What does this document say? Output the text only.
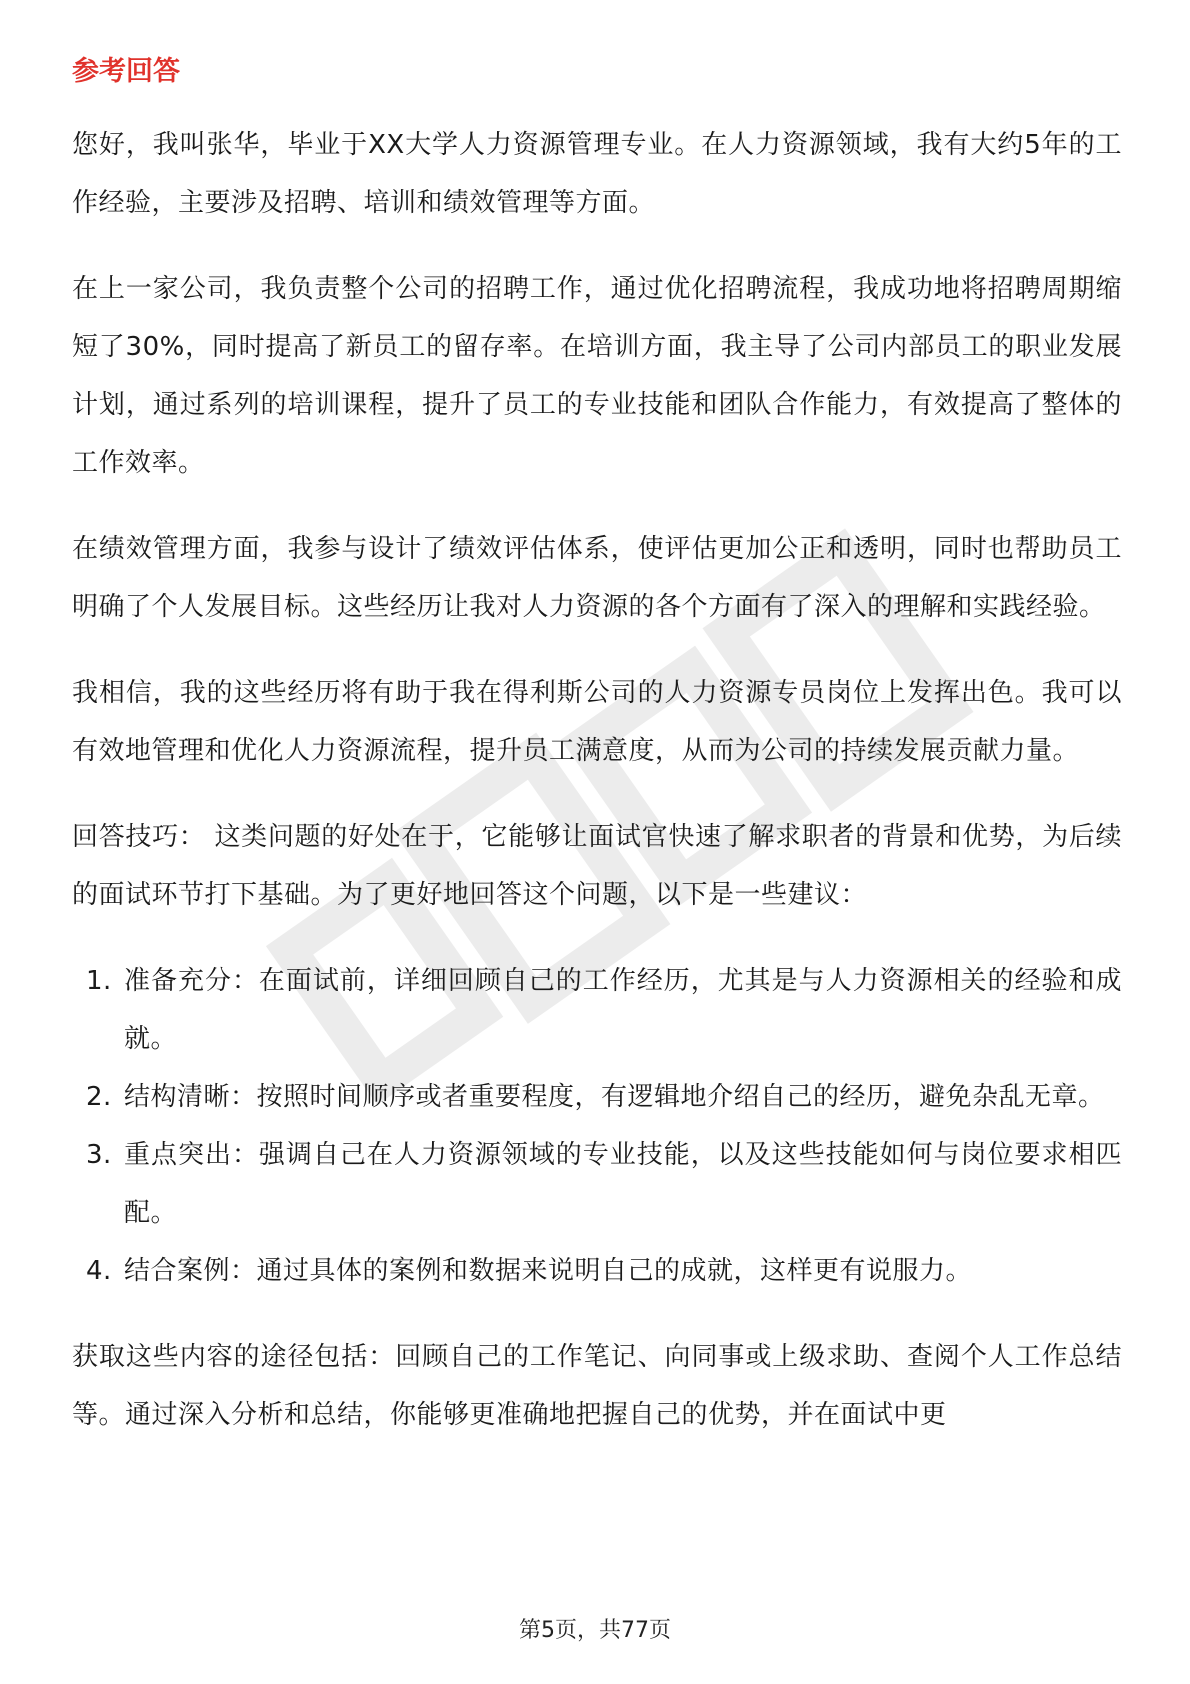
参考回答

您好，我叫张华，毕业于XX大学人力资源管理专业。在人力资源领域，我有大约5年的工作经验，主要涉及招聘、培训和绩效管理等方面。

在上一家公司，我负责整个公司的招聘工作，通过优化招聘流程，我成功地将招聘周期缩短了30%，同时提高了新员工的留存率。在培训方面，我主导了公司内部员工的职业发展计划，通过系列的培训课程，提升了员工的专业技能和团队合作能力，有效提高了整体的工作效率。

在绩效管理方面，我参与设计了绩效评估体系，使评估更加公正和透明，同时也帮助员工明确了个人发展目标。这些经历让我对人力资源的各个方面有了深入的理解和实践经验。

我相信，我的这些经历将有助于我在得利斯公司的人力资源专员岗位上发挥出色。我可以有效地管理和优化人力资源流程，提升员工满意度，从而为公司的持续发展贡献力量。

回答技巧： 这类问题的好处在于，它能够让面试官快速了解求职者的背景和优势，为后续的面试环节打下基础。为了更好地回答这个问题，以下是一些建议：

1. 准备充分：在面试前，详细回顾自己的工作经历，尤其是与人力资源相关的经验和成就。
2. 结构清晰：按照时间顺序或者重要程度，有逻辑地介绍自己的经历，避免杂乱无章。
3. 重点突出：强调自己在人力资源领域的专业技能，以及这些技能如何与岗位要求相匹配。
4. 结合案例：通过具体的案例和数据来说明自己的成就，这样更有说服力。

获取这些内容的途径包括：回顾自己的工作笔记、向同事或上级求助、查阅个人工作总结等。通过深入分析和总结，你能够更准确地把握自己的优势，并在面试中更

第5页，共77页
